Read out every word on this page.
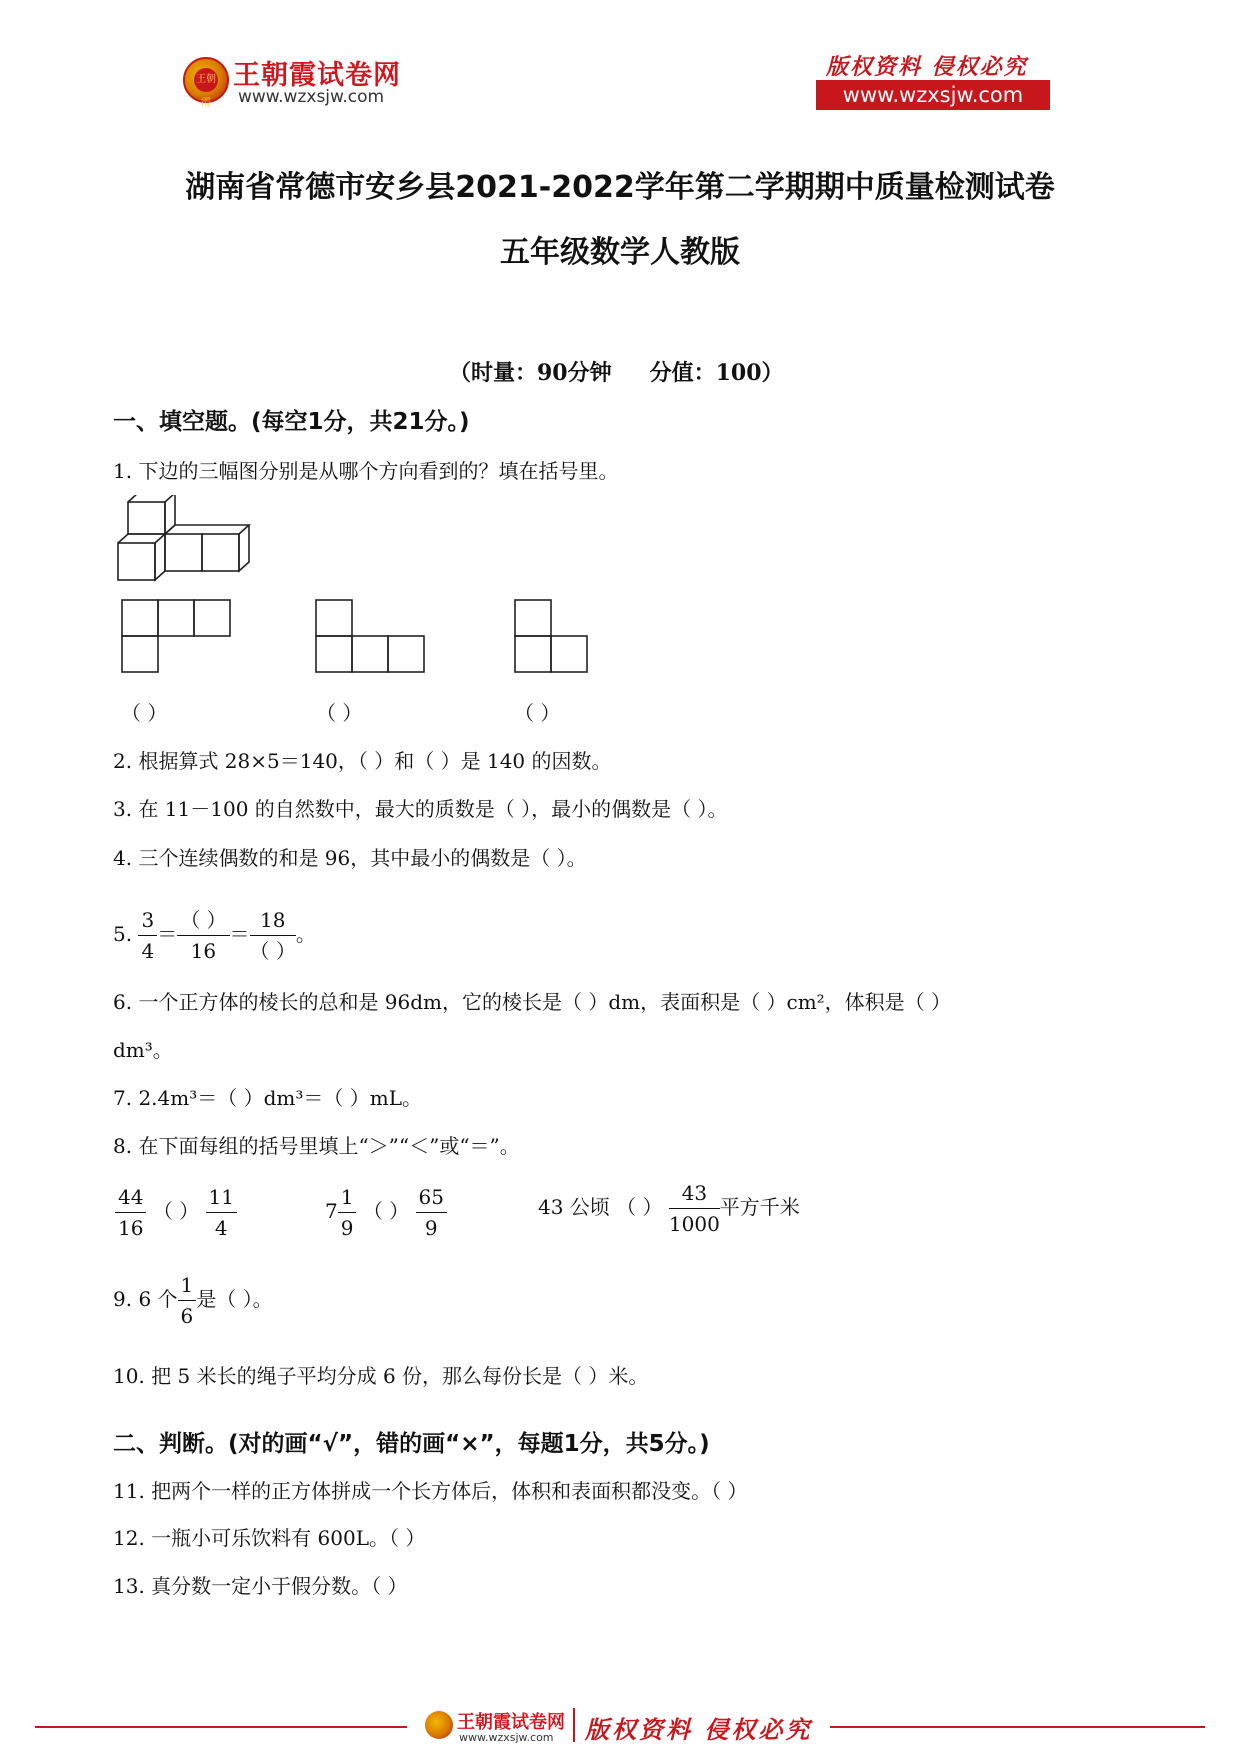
王朝霞
王朝霞试卷网
www.wzxsjw.com
版权资料 侵权必究
www.wzxsjw.com
湖南省常德市安乡县2021-2022学年第二学期期中质量检测试卷
五年级数学人教版
（时量：90分钟 分值：100）
一、填空题。(每空1分，共21分。)
1. 下边的三幅图分别是从哪个方向看到的？填在括号里。
（ ）	（ ）	（ ）
2. 根据算式 28×5＝140，（ ）和（ ）是 140 的因数。
3. 在 11－100 的自然数中，最大的质数是（ ），最小的偶数是（ ）。
4. 三个连续偶数的和是 96，其中最小的偶数是（ ）。
5. $\frac{3}{4}$ ＝
（ ）
16
＝
18
（ ）
。
6. 一个正方体的棱长的总和是 96dm，它的棱长是（ ）dm，表面积是（ ）cm²，体积是（ ）
dm³。
7. 2.4m³＝（ ）dm³＝（ ）mL。
8. 在下面每组的括号里填上“＞”“＜”或“＝”。
$\frac{44}{16}$ （ ） $\frac{11}{4}$	$7 \frac{1}{9}$ （ ） $\frac{65}{9}$	43 公顷 （ ） $\frac{43}{1000}$ 平方千米
9. 6 个 $\frac{1}{6}$ 是（ ）。
10. 把 5 米长的绳子平均分成 6 份，那么每份长是（ ）米。
二、判断。(对的画“√”，错的画“×”，每题1分，共5分。)
11. 把两个一样的正方体拼成一个长方体后，体积和表面积都没变。（ ）
12. 一瓶小可乐饮料有 600L。（ ）
13. 真分数一定小于假分数。（ ）
王朝霞试卷网
www.wzxsjw.com 版权资料 侵权必究
